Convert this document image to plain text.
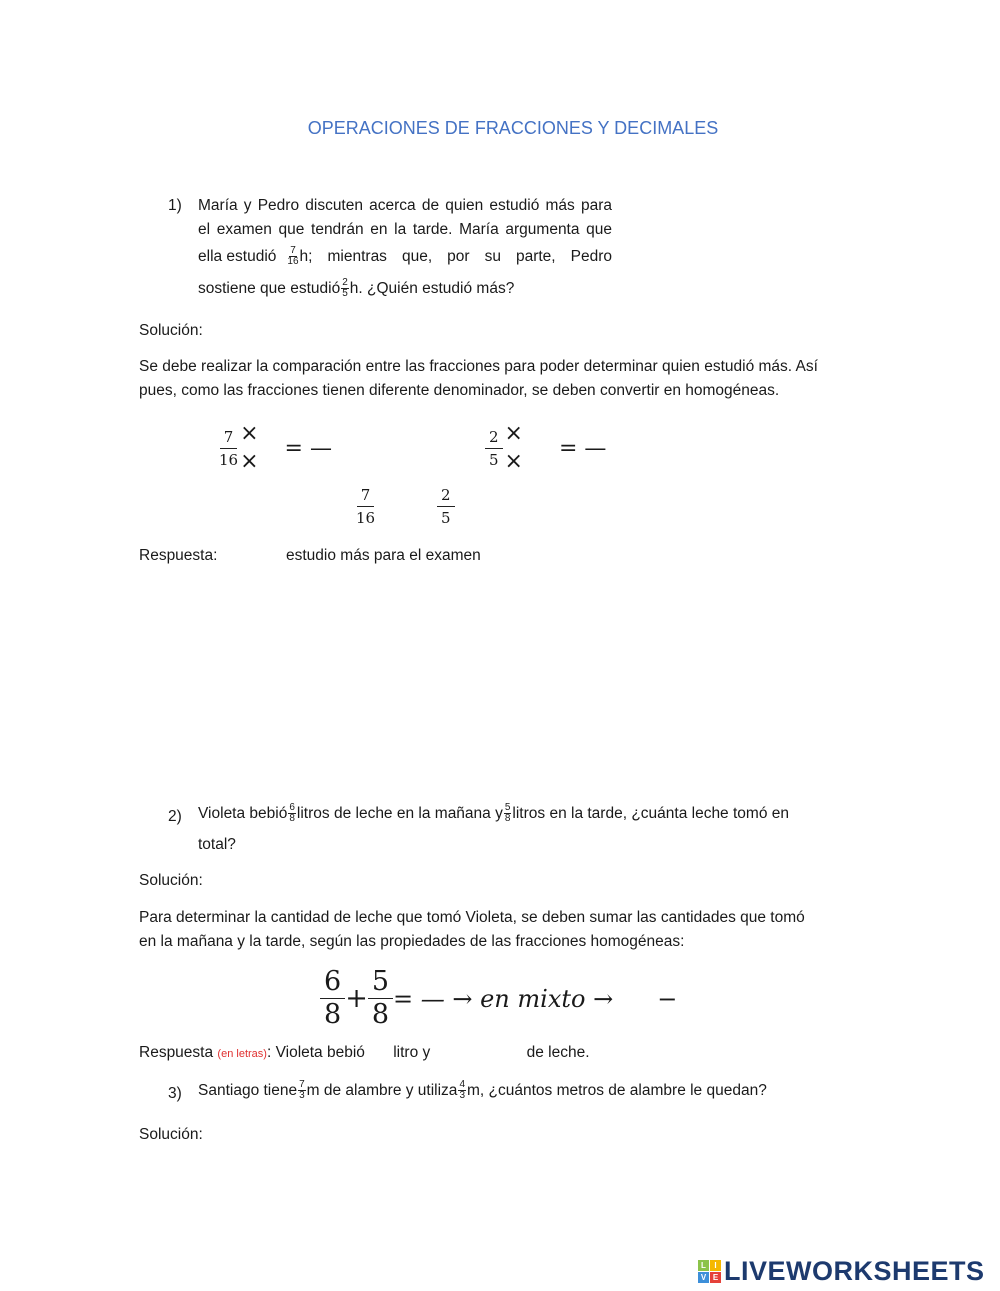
OPERACIONES DE FRACCIONES Y DECIMALES
1) María y Pedro discuten acerca de quien estudió más para
el examen que tendrán en la tarde. María argumenta que
ella estudió $\frac{7}{16} h$; mientras que, por su parte, Pedro
sostiene que estudió $\frac{2}{5} h$. ¿Quién estudió más?
Solución:
Se debe realizar la comparación entre las fracciones para poder determinar quien estudió más. Así
pues, como las fracciones tienen diferente denominador, se deben convertir en homogéneas.
$\frac{7}{16}$ ×
×
= —	$\frac{2}{5}$ ×
×
= —
$\frac{7}{16}$	$\frac{2}{5}$
Respuesta:	estudio más para el examen
2) Violeta bebió $\frac{6}{8}$ litros de leche en la mañana y $\frac{5}{8}$ litros en la tarde, ¿cuánta leche tomó en
total?
Solución:
Para determinar la cantidad de leche que tomó Violeta, se deben sumar las cantidades que tomó
en la mañana y la tarde, según las propiedades de las fracciones homogéneas:
$\frac{6}{8} + \frac{5}{8}$ = — → en mixto → −
Respuesta (en letras): Violeta bebió litro y	de leche.
3) Santiago tiene $\frac{7}{3}$ m de alambre y utiliza $\frac{4}{3} m$, ¿cuántos metros de alambre le quedan?
Solución:
L	I
V E LIVEWORKSHEETS
